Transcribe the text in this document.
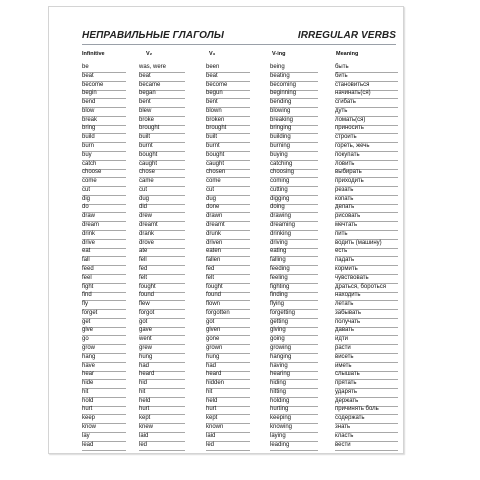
НЕПРАВИЛЬНЫЕ ГЛАГОЛЫ	IRREGULAR VERBS
Infinitive	V₂	V₃	V-ing	Meaning
be	was, were	been	being	быть
beat	beat	beat	beating	бить
become	became	become	becoming	становиться
begin	began	begun	beginning	начинать(ся)
bend	bent	bent	bending	сгибать
blow	blew	blown	blowing	дуть
break	broke	broken	breaking	ломать(ся)
bring	brought	brought	bringing	приносить
build	built	built	building	строить
burn	burnt	burnt	burning	гореть, жечь
buy	bought	bought	buying	покупать
catch	caught	caught	catching	ловить
choose	chose	chosen	choosing	выбирать
come	came	come	coming	приходить
cut	cut	cut	cutting	резать
dig	dug	dug	digging	копать
do	did	done	doing	делать
draw	drew	drawn	drawing	рисовать
dream	dreamt	dreamt	dreaming	мечтать
drink	drank	drunk	drinking	пить
drive	drove	driven	driving	водить (машину)
eat	ate	eaten	eating	есть
fall	fell	fallen	falling	падать
feed	fed	fed	feeding	кормить
feel	felt	felt	feeling	чувствовать
fight	fought	fought	fighting	драться, бороться
find	found	found	finding	находить
fly	flew	flown	flying	летать
forget	forgot	forgotten	forgetting	забывать
get	got	got	getting	получать
give	gave	given	giving	давать
go	went	gone	going	идти
grow	grew	grown	growing	расти
hang	hung	hung	hanging	висеть
have	had	had	having	иметь
hear	heard	heard	hearing	слышать
hide	hid	hidden	hiding	прятать
hit	hit	hit	hitting	ударять
hold	held	held	holding	держать
hurt	hurt	hurt	hurting	причинять боль
keep	kept	kept	keeping	содержать
know	knew	known	knowing	знать
lay	laid	laid	laying	класть
lead	led	led	leading	вести
